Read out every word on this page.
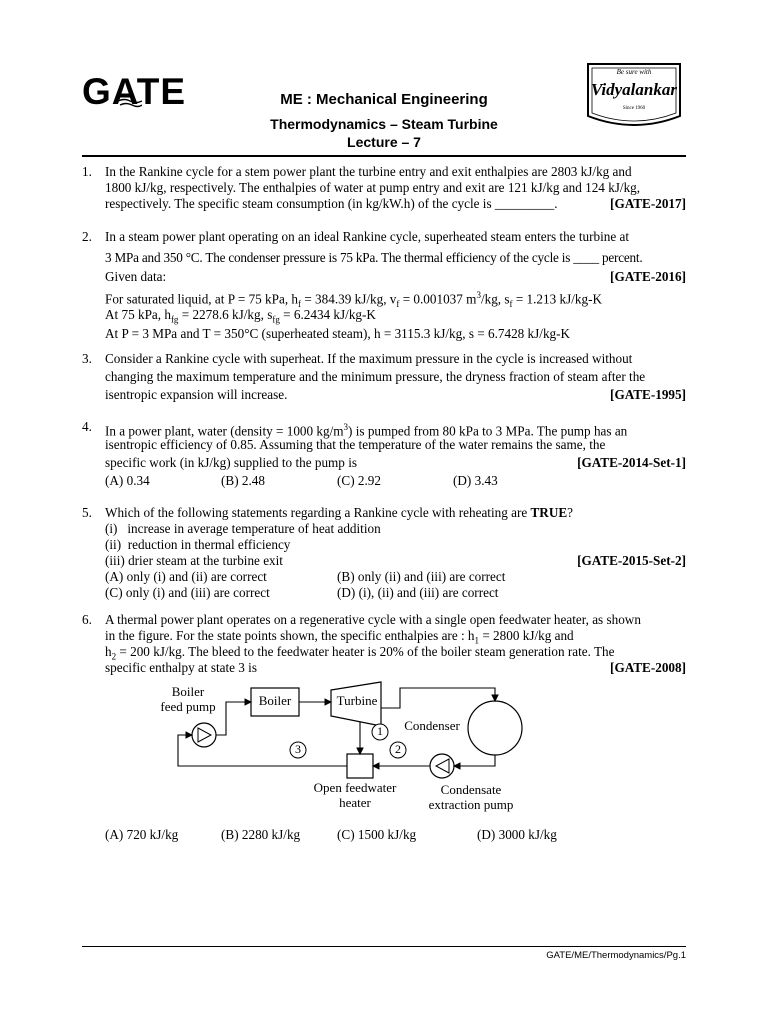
GATE	ME : Mechanical Engineering
Thermodynamics – Steam Turbine
Lecture – 7
Be sure with
Vidyalankar
Since 1960
1. In the Rankine cycle for a stem power plant the turbine entry and exit enthalpies are 2803 kJ/kg and
1800 kJ/kg, respectively. The enthalpies of water at pump entry and exit are 121 kJ/kg and 124 kJ/kg,
respectively. The specific steam consumption (in kg/kW.h) of the cycle is _________.	[GATE-2017]
2. In a steam power plant operating on an ideal Rankine cycle, superheated steam enters the turbine at
3 MPa and 350 °C. The condenser pressure is 75 kPa. The thermal efficiency of the cycle is ____ percent.
Given data:	[GATE-2016]
For saturated liquid, at P = 75 kPa, $h_f = 384.39$ kJ/kg, $v_f = 0.001037$ $m^3/kg$, $s_f = 1.213$ kJ/kg-K
At 75 kPa, $h_{fg} = 2278.6$ kJ/kg, $s_{fg} = 6.2434$ kJ/kg-K
At P = 3 MPa and T = 350°C (superheated steam), h = 3115.3 kJ/kg, s = 6.7428 kJ/kg-K
3. Consider a Rankine cycle with superheat. If the maximum pressure in the cycle is increased without
changing the maximum temperature and the minimum pressure, the dryness fraction of steam after the
isentropic expansion will increase.	[GATE-1995]
4. In a power plant, water (density = 1000 $kg/m^3$) is pumped from 80 kPa to 3 MPa. The pump has an
isentropic efficiency of 0.85. Assuming that the temperature of the water remains the same, the
specific work (in kJ/kg) supplied to the pump is	[GATE-2014-Set-1]
(A) 0.34	(B) 2.48	(C) 2.92	(D) 3.43
5. Which of the following statements regarding a Rankine cycle with reheating are TRUE?
(i)   increase in average temperature of heat addition
(ii)  reduction in thermal efficiency
(iii) drier steam at the turbine exit	[GATE-2015-Set-2]
(A) only (i) and (ii) are correct	(B) only (ii) and (iii) are correct
(C) only (i) and (iii) are correct	(D) (i), (ii) and (iii) are correct
6. A thermal power plant operates on a regenerative cycle with a single open feedwater heater, as shown
in the figure. For the state points shown, the specific enthalpies are : $h_1 = 2800$ kJ/kg and
$h_2 = 200$ kJ/kg. The bleed to the feedwater heater is 20% of the boiler steam generation rate. The
specific enthalpy at state 3 is	[GATE-2008]
1
2
3
Boiler	Turbine
Boiler
feed pump
Condenser
Open feedwater
heater
Condensate
extraction pump
(A) 720 kJ/kg	(B) 2280 kJ/kg	(C) 1500 kJ/kg	(D) 3000 kJ/kg
GATE/ME/Thermodynamics/Pg.1
